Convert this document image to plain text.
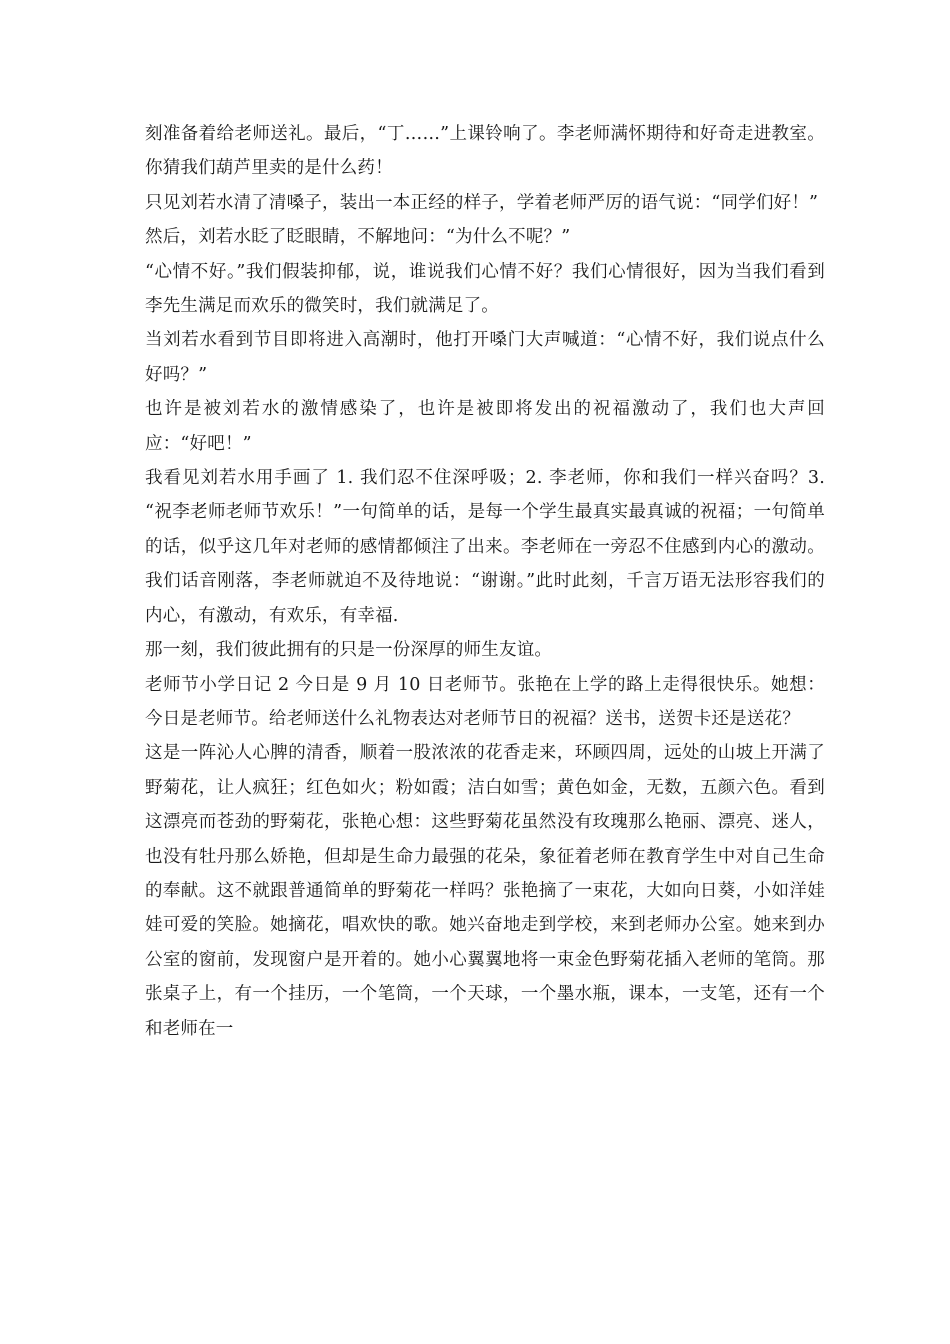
刻准备着给老师送礼。最后，“丁……”上课铃响了。李老师满怀期待和好奇走进教室。你猜我们葫芦里卖的是什么药！

只见刘若水清了清嗓子，装出一本正经的样子，学着老师严厉的语气说：“同学们好！”

然后，刘若水眨了眨眼睛，不解地问：“为什么不呢？”

“心情不好。”我们假装抑郁，说，谁说我们心情不好？我们心情很好，因为当我们看到李先生满足而欢乐的微笑时，我们就满足了。

当刘若水看到节目即将进入高潮时，他打开嗓门大声喊道：“心情不好，我们说点什么好吗？”

也许是被刘若水的激情感染了，也许是被即将发出的祝福激动了，我们也大声回应：“好吧！”

我看见刘若水用手画了 1. 我们忍不住深呼吸；2. 李老师，你和我们一样兴奋吗？3. “祝李老师老师节欢乐！”一句简单的话，是每一个学生最真实最真诚的祝福；一句简单的话，似乎这几年对老师的感情都倾注了出来。李老师在一旁忍不住感到内心的激动。我们话音刚落，李老师就迫不及待地说：“谢谢。”此时此刻，千言万语无法形容我们的内心，有激动，有欢乐，有幸福.

那一刻，我们彼此拥有的只是一份深厚的师生友谊。

老师节小学日记 2 今日是 9 月 10 日老师节。张艳在上学的路上走得很快乐。她想：今日是老师节。给老师送什么礼物表达对老师节日的祝福？送书，送贺卡还是送花？

这是一阵沁人心脾的清香，顺着一股浓浓的花香走来，环顾四周，远处的山坡上开满了野菊花，让人疯狂；红色如火；粉如霞；洁白如雪；黄色如金，无数，五颜六色。看到这漂亮而苍劲的野菊花，张艳心想：这些野菊花虽然没有玫瑰那么艳丽、漂亮、迷人，也没有牡丹那么娇艳，但却是生命力最强的花朵，象征着老师在教育学生中对自己生命的奉献。这不就跟普通简单的野菊花一样吗？张艳摘了一束花，大如向日葵，小如洋娃娃可爱的笑脸。她摘花，唱欢快的歌。她兴奋地走到学校，来到老师办公室。她来到办公室的窗前，发现窗户是开着的。她小心翼翼地将一束金色野菊花插入老师的笔筒。那张桌子上，有一个挂历，一个笔筒，一个天球，一个墨水瓶，课本，一支笔，还有一个和老师在一
